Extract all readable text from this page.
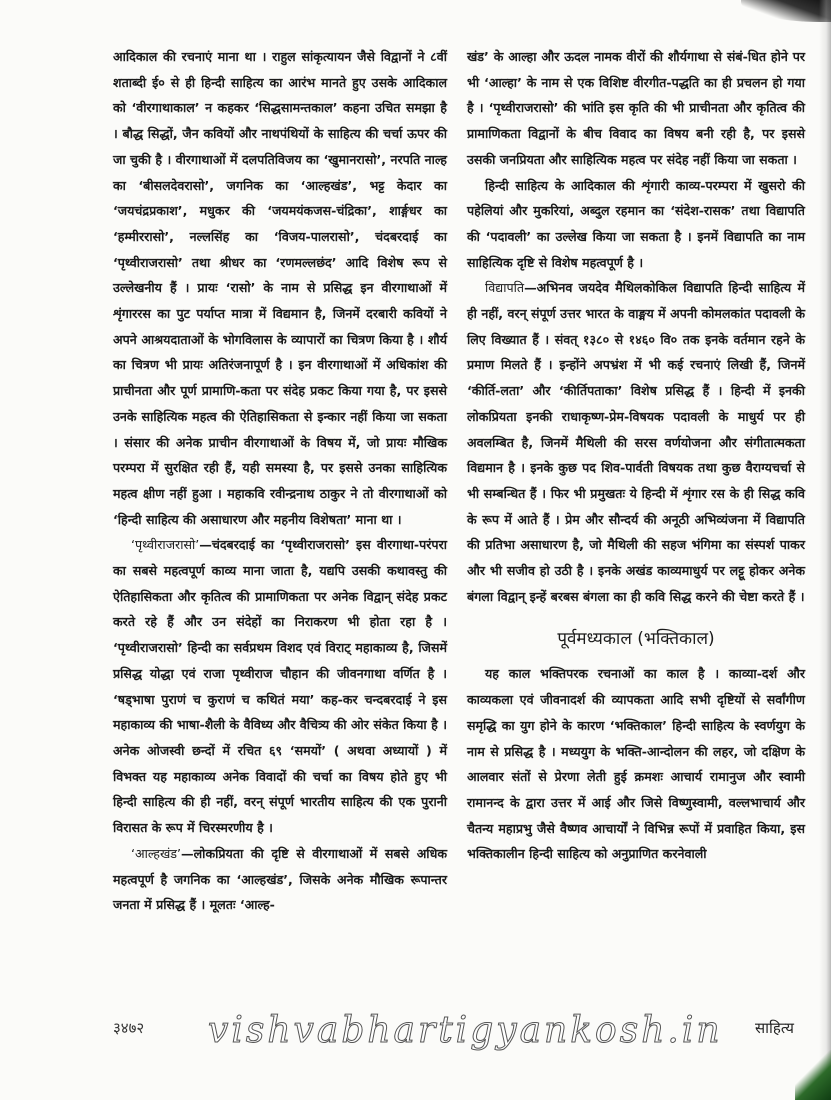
आदिकाल की रचनाएं माना था । राहुल सांकृत्यायन जैसे विद्वानों ने ८वीं शताब्दी ई० से ही हिन्दी साहित्य का आरंभ मानते हुए उसके आदिकाल को ‘वीरगाथाकाल’ न कहकर ‘सिद्धसामन्तकाल’ कहना उचित समझा है । बौद्ध सिद्धों, जैन कवियों और नाथपंथियों के साहित्य की चर्चा ऊपर की जा चुकी है । वीरगाथाओं में दलपतिविजय का ‘खुमानरासो’, नरपति नाल्ह का ‘बीसलदेवरासो’, जगनिक का ‘आल्हखंड’, भट्ट केदार का ‘जयचंद्रप्रकाश’, मधुकर की ‘जयमयंकजस-चंद्रिका’, शार्ङ्गधर का ‘हम्मीररासो’, नल्लसिंह का ‘विजय-पालरासो’, चंदबरदाई का ‘पृथ्वीराजरासो’ तथा श्रीधर का ‘रणमल्लछंद’ आदि विशेष रूप से उल्लेखनीय हैं । प्रायः ‘रासो’ के नाम से प्रसिद्ध इन वीरगाथाओं में शृंगाररस का पुट पर्याप्त मात्रा में विद्यमान है, जिनमें दरबारी कवियों ने अपने आश्रयदाताओं के भोगविलास के व्यापारों का चित्रण किया है । शौर्य का चित्रण भी प्रायः अतिरंजनापूर्ण है । इन वीरगाथाओं में अधिकांश की प्राचीनता और पूर्ण प्रामाणि-कता पर संदेह प्रकट किया गया है, पर इससे उनके साहित्यिक महत्व की ऐतिहासिकता से इन्कार नहीं किया जा सकता । संसार की अनेक प्राचीन वीरगाथाओं के विषय में, जो प्रायः मौखिक परम्परा में सुरक्षित रही हैं, यही समस्या है, पर इससे उनका साहित्यिक महत्व क्षीण नहीं हुआ । महाकवि रवीन्द्रनाथ ठाकुर ने तो वीरगाथाओं को ‘हिन्दी साहित्य की असाधारण और महनीय विशेषता’ माना था ।

‘पृथ्वीराजरासो’—चंदबरदाई का ‘पृथ्वीराजरासो’ इस वीरगाथा-परंपरा का सबसे महत्वपूर्ण काव्य माना जाता है, यद्यपि उसकी कथावस्तु की ऐतिहासिकता और कृतित्व की प्रामाणिकता पर अनेक विद्वान् संदेह प्रकट करते रहे हैं और उन संदेहों का निराकरण भी होता रहा है । ‘पृथ्वीराजरासो’ हिन्दी का सर्वप्रथम विशद एवं विराट् महाकाव्य है, जिसमें प्रसिद्ध योद्धा एवं राजा पृथ्वीराज चौहान की जीवनगाथा वर्णित है । ‘षड्भाषा पुराणं च कुराणं च कथितं मया’ कह-कर चन्दबरदाई ने इस महाकाव्य की भाषा-शैली के वैविध्य और वैचित्र्य की ओर संकेत किया है । अनेक ओजस्वी छन्दों में रचित ६९ ‘समयों’ ( अथवा अध्यायों ) में विभक्त यह महाकाव्य अनेक विवादों की चर्चा का विषय होते हुए भी हिन्दी साहित्य की ही नहीं, वरन् संपूर्ण भारतीय साहित्य की एक पुरानी विरासत के रूप में चिरस्मरणीय है ।

‘आल्हखंड’—लोकप्रियता की दृष्टि से वीरगाथाओं में सबसे अधिक महत्वपूर्ण है जगनिक का ‘आल्हखंड’, जिसके अनेक मौखिक रूपान्तर जनता में प्रसिद्ध हैं । मूलतः ‘आल्ह-

खंड’ के आल्हा और ऊदल नामक वीरों की शौर्यगाथा से संबं-धित होने पर भी ‘आल्हा’ के नाम से एक विशिष्ट वीरगीत-पद्धति का ही प्रचलन हो गया है । ‘पृथ्वीराजरासो’ की भांति इस कृति की भी प्राचीनता और कृतित्व की प्रामाणिकता विद्वानों के बीच विवाद का विषय बनी रही है, पर इससे उसकी जनप्रियता और साहित्यिक महत्व पर संदेह नहीं किया जा सकता ।

हिन्दी साहित्य के आदिकाल की शृंगारी काव्य-परम्परा में खुसरो की पहेलियां और मुकरियां, अब्दुल रहमान का ‘संदेश-रासक’ तथा विद्यापति की ‘पदावली’ का उल्लेख किया जा सकता है । इनमें विद्यापति का नाम साहित्यिक दृष्टि से विशेष महत्वपूर्ण है ।

विद्यापति—अभिनव जयदेव मैथिलकोकिल विद्यापति हिन्दी साहित्य में ही नहीं, वरन् संपूर्ण उत्तर भारत के वाङ्मय में अपनी कोमलकांत पदावली के लिए विख्यात हैं । संवत् १३८० से १४६० वि० तक इनके वर्तमान रहने के प्रमाण मिलते हैं । इन्होंने अपभ्रंश में भी कई रचनाएं लिखी हैं, जिनमें ‘कीर्ति-लता’ और ‘कीर्तिपताका’ विशेष प्रसिद्ध हैं । हिन्दी में इनकी लोकप्रियता इनकी राधाकृष्ण-प्रेम-विषयक पदावली के माधुर्य पर ही अवलम्बित है, जिनमें मैथिली की सरस वर्णयोजना और संगीतात्मकता विद्यमान है । इनके कुछ पद शिव-पार्वती विषयक तथा कुछ वैराग्यचर्चा से भी सम्बन्धित हैं । फिर भी प्रमुखतः ये हिन्दी में शृंगार रस के ही सिद्ध कवि के रूप में आते हैं । प्रेम और सौन्दर्य की अनूठी अभिव्यंजना में विद्यापति की प्रतिभा असाधारण है, जो मैथिली की सहज भंगिमा का संस्पर्श पाकर और भी सजीव हो उठी है । इनके अखंड काव्यमाधुर्य पर लट्टू होकर अनेक बंगला विद्वान् इन्हें बरबस बंगला का ही कवि सिद्ध करने की चेष्टा करते हैं ।

पूर्वमध्यकाल (भक्तिकाल)

यह काल भक्तिपरक रचनाओं का काल है । काव्या-दर्श और काव्यकला एवं जीवनादर्श की व्यापकता आदि सभी दृष्टियों से सर्वांगीण समृद्धि का युग होने के कारण ‘भक्तिकाल’ हिन्दी साहित्य के स्वर्णयुग के नाम से प्रसिद्ध है । मध्ययुग के भक्ति-आन्दोलन की लहर, जो दक्षिण के आलवार संतों से प्रेरणा लेती हुई क्रमशः आचार्य रामानुज और स्वामी रामानन्द के द्वारा उत्तर में आई और जिसे विष्णुस्वामी, वल्लभाचार्य और चैतन्य महाप्रभु जैसे वैष्णव आचार्यों ने विभिन्न रूपों में प्रवाहित किया, इस भक्तिकालीन हिन्दी साहित्य को अनुप्राणित करनेवाली

३४७२ vishvabhartigyankosh.in साहित्य
